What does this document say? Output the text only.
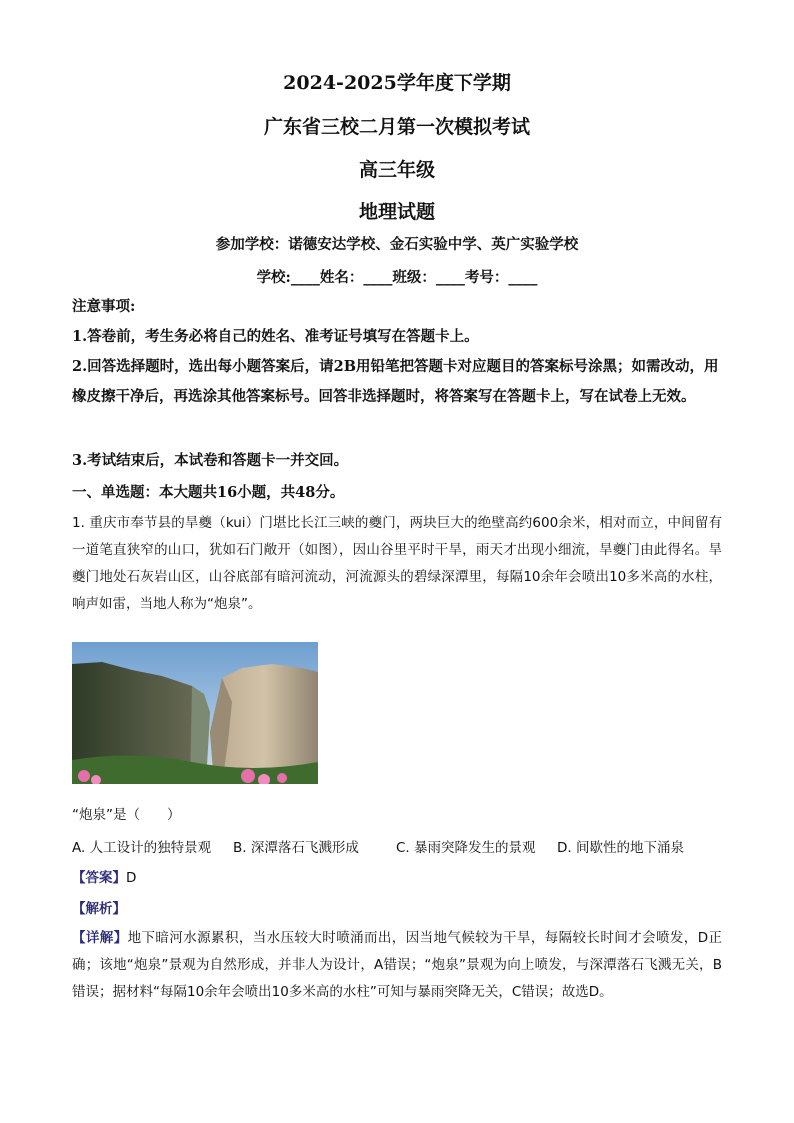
2024-2025学年度下学期
广东省三校二月第一次模拟考试
高三年级
地理试题
参加学校：诺德安达学校、金石实验中学、英广实验学校
学校:____姓名：____班级：____考号：____
注意事项:
1.答卷前，考生务必将自己的姓名、准考证号填写在答题卡上。
2.回答选择题时，选出每小题答案后，请2B用铅笔把答题卡对应题目的答案标号涂黑；如需改动，用橡皮擦干净后，再选涂其他答案标号。回答非选择题时，将答案写在答题卡上，写在试卷上无效。
3.考试结束后，本试卷和答题卡一并交回。
一、单选题：本大题共16小题，共48分。
1. 重庆市奉节县的旱夔（kui）门堪比长江三峡的夔门，两块巨大的绝壁高约600余米，相对而立，中间留有一道笔直狭窄的山口，犹如石门敞开（如图），因山谷里平时干旱，雨天才出现小细流，旱夔门由此得名。旱夔门地处石灰岩山区，山谷底部有暗河流动，河流源头的碧绿深潭里，每隔10余年会喷出10多米高的水柱，响声如雷，当地人称为“炮泉”。
“炮泉”是（　　）
A. 人工设计的独特景观 B. 深潭落石飞溅形成	C. 暴雨突降发生的景观 D. 间歇性的地下涌泉
【答案】D
【解析】
【详解】地下暗河水源累积，当水压较大时喷涌而出，因当地气候较为干旱，每隔较长时间才会喷发，D正确；该地“炮泉”景观为自然形成，并非人为设计，A错误；“炮泉”景观为向上喷发，与深潭落石飞溅无关，B错误；据材料“每隔10余年会喷出10多米高的水柱”可知与暴雨突降无关，C错误；故选D。
